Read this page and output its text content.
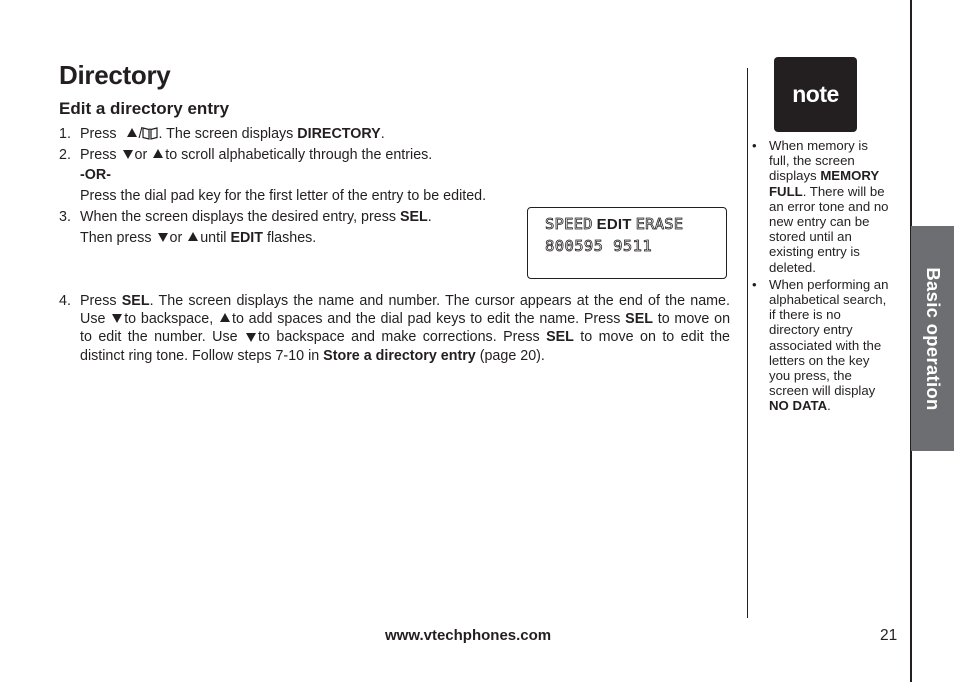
Directory
Edit a directory entry
1. Press / . The screen displays DIRECTORY.
2. Press or to scroll alphabetically through the entries.
-OR-
Press the dial pad key for the first letter of the entry to be edited.
3. When the screen displays the desired entry, press SEL.
Then press or until EDIT flashes.
SPEED EDIT ERASE
800595 9511
4. Press SEL. The screen displays the name and number. The cursor appears at the end of the name. Use to backspace, to add spaces and the dial pad keys to edit the name. Press SEL to move on to edit the number. Use to backspace and make corrections. Press SEL to move on to edit the distinct ring tone. Follow steps 7-10 in Store a directory entry (page 20).
note
• When memory is full, the screen displays MEMORY FULL. There will be an error tone and no new entry can be stored until an existing entry is deleted.
• When performing an alphabetical search, if there is no directory entry associated with the letters on the key you press, the screen will display NO DATA.	Basic operation
www.vtechphones.com	21
